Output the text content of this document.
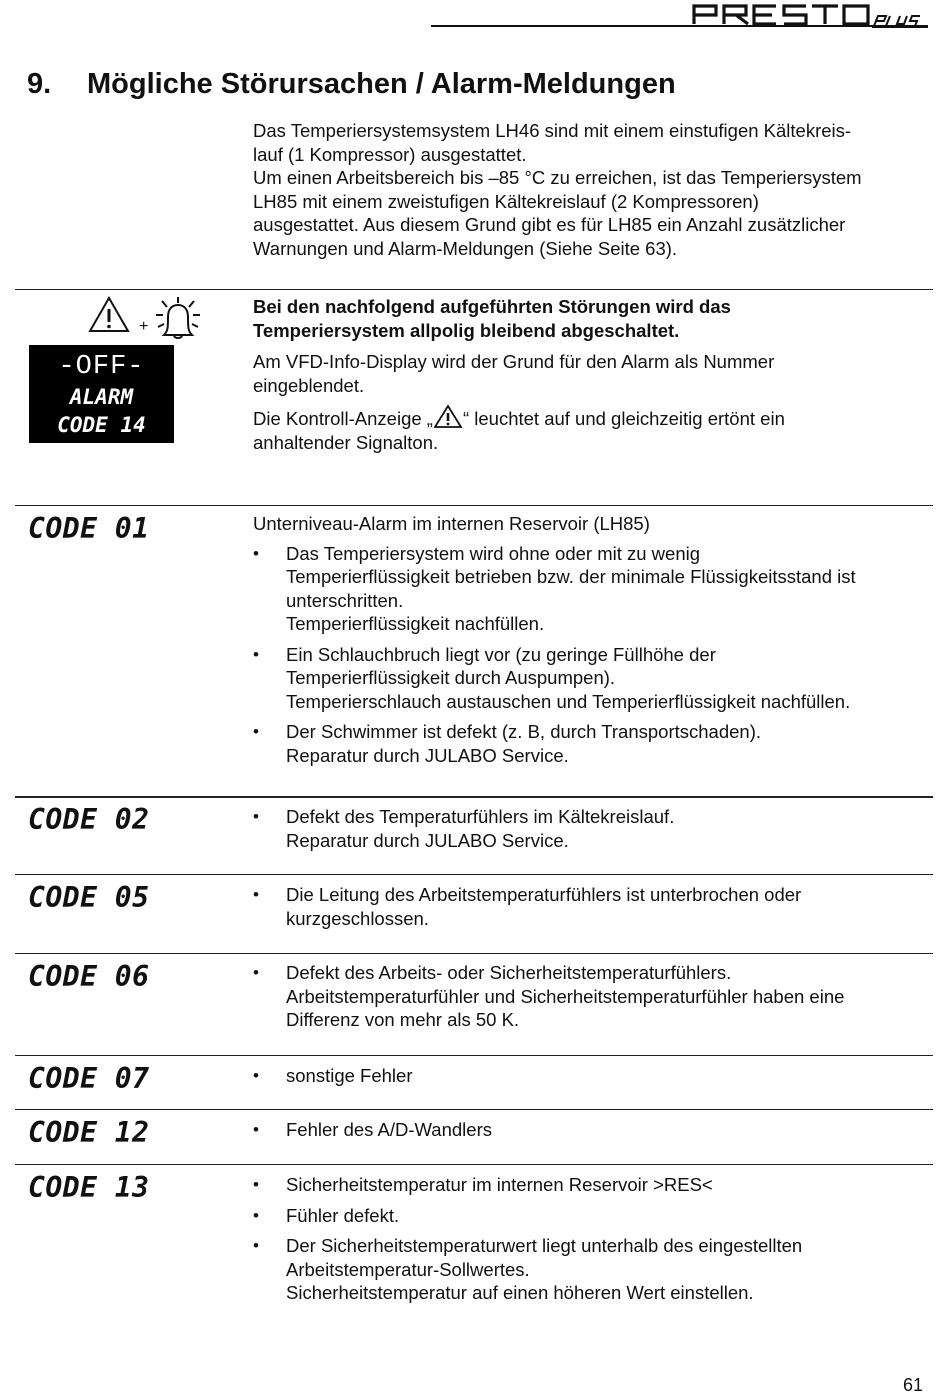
PRESTO PLUS
9. Mögliche Störursachen / Alarm-Meldungen
Das Temperiersystemsystem LH46 sind mit einem einstufigen Kältekreis-
lauf (1 Kompressor) ausgestattet.
Um einen Arbeitsbereich bis –85 °C zu erreichen, ist das Temperiersystem
LH85 mit einem zweistufigen Kältekreislauf (2 Kompressoren)
ausgestattet. Aus diesem Grund gibt es für LH85 ein Anzahl zusätzlicher
Warnungen und Alarm-Meldungen (Siehe Seite 63).
+
-OFF-
ALARM
CODE 14

Bei den nachfolgend aufgeführten Störungen wird das
Temperiersystem allpolig bleibend abgeschaltet.

Am VFD-Info-Display wird der Grund für den Alarm als Nummer
eingeblendet.

Die Kontroll-Anzeige „ “ leuchtet auf und gleichzeitig ertönt ein
anhaltender Signalton.

CODE 01	Unterniveau-Alarm im internen Reservoir (LH85)
• Das Temperiersystem wird ohne oder mit zu wenig
Temperierflüssigkeit betrieben bzw. der minimale Flüssigkeitsstand ist
unterschritten.
Temperierflüssigkeit nachfüllen.
• Ein Schlauchbruch liegt vor (zu geringe Füllhöhe der
Temperierflüssigkeit durch Auspumpen).
Temperierschlauch austauschen und Temperierflüssigkeit nachfüllen.
• Der Schwimmer ist defekt (z. B, durch Transportschaden).
Reparatur durch JULABO Service.
CODE 02	• Defekt des Temperaturfühlers im Kältekreislauf.
Reparatur durch JULABO Service.
CODE 05	• Die Leitung des Arbeitstemperaturfühlers ist unterbrochen oder
kurzgeschlossen.
CODE 06	• Defekt des Arbeits- oder Sicherheitstemperaturfühlers.
Arbeitstemperaturfühler und Sicherheitstemperaturfühler haben eine
Differenz von mehr als 50 K.
CODE 07	• sonstige Fehler
CODE 12	• Fehler des A/D-Wandlers
CODE 13	• Sicherheitstemperatur im internen Reservoir >RES<
• Fühler defekt.
• Der Sicherheitstemperaturwert liegt unterhalb des eingestellten
Arbeitstemperatur-Sollwertes.
Sicherheitstemperatur auf einen höheren Wert einstellen.
61
